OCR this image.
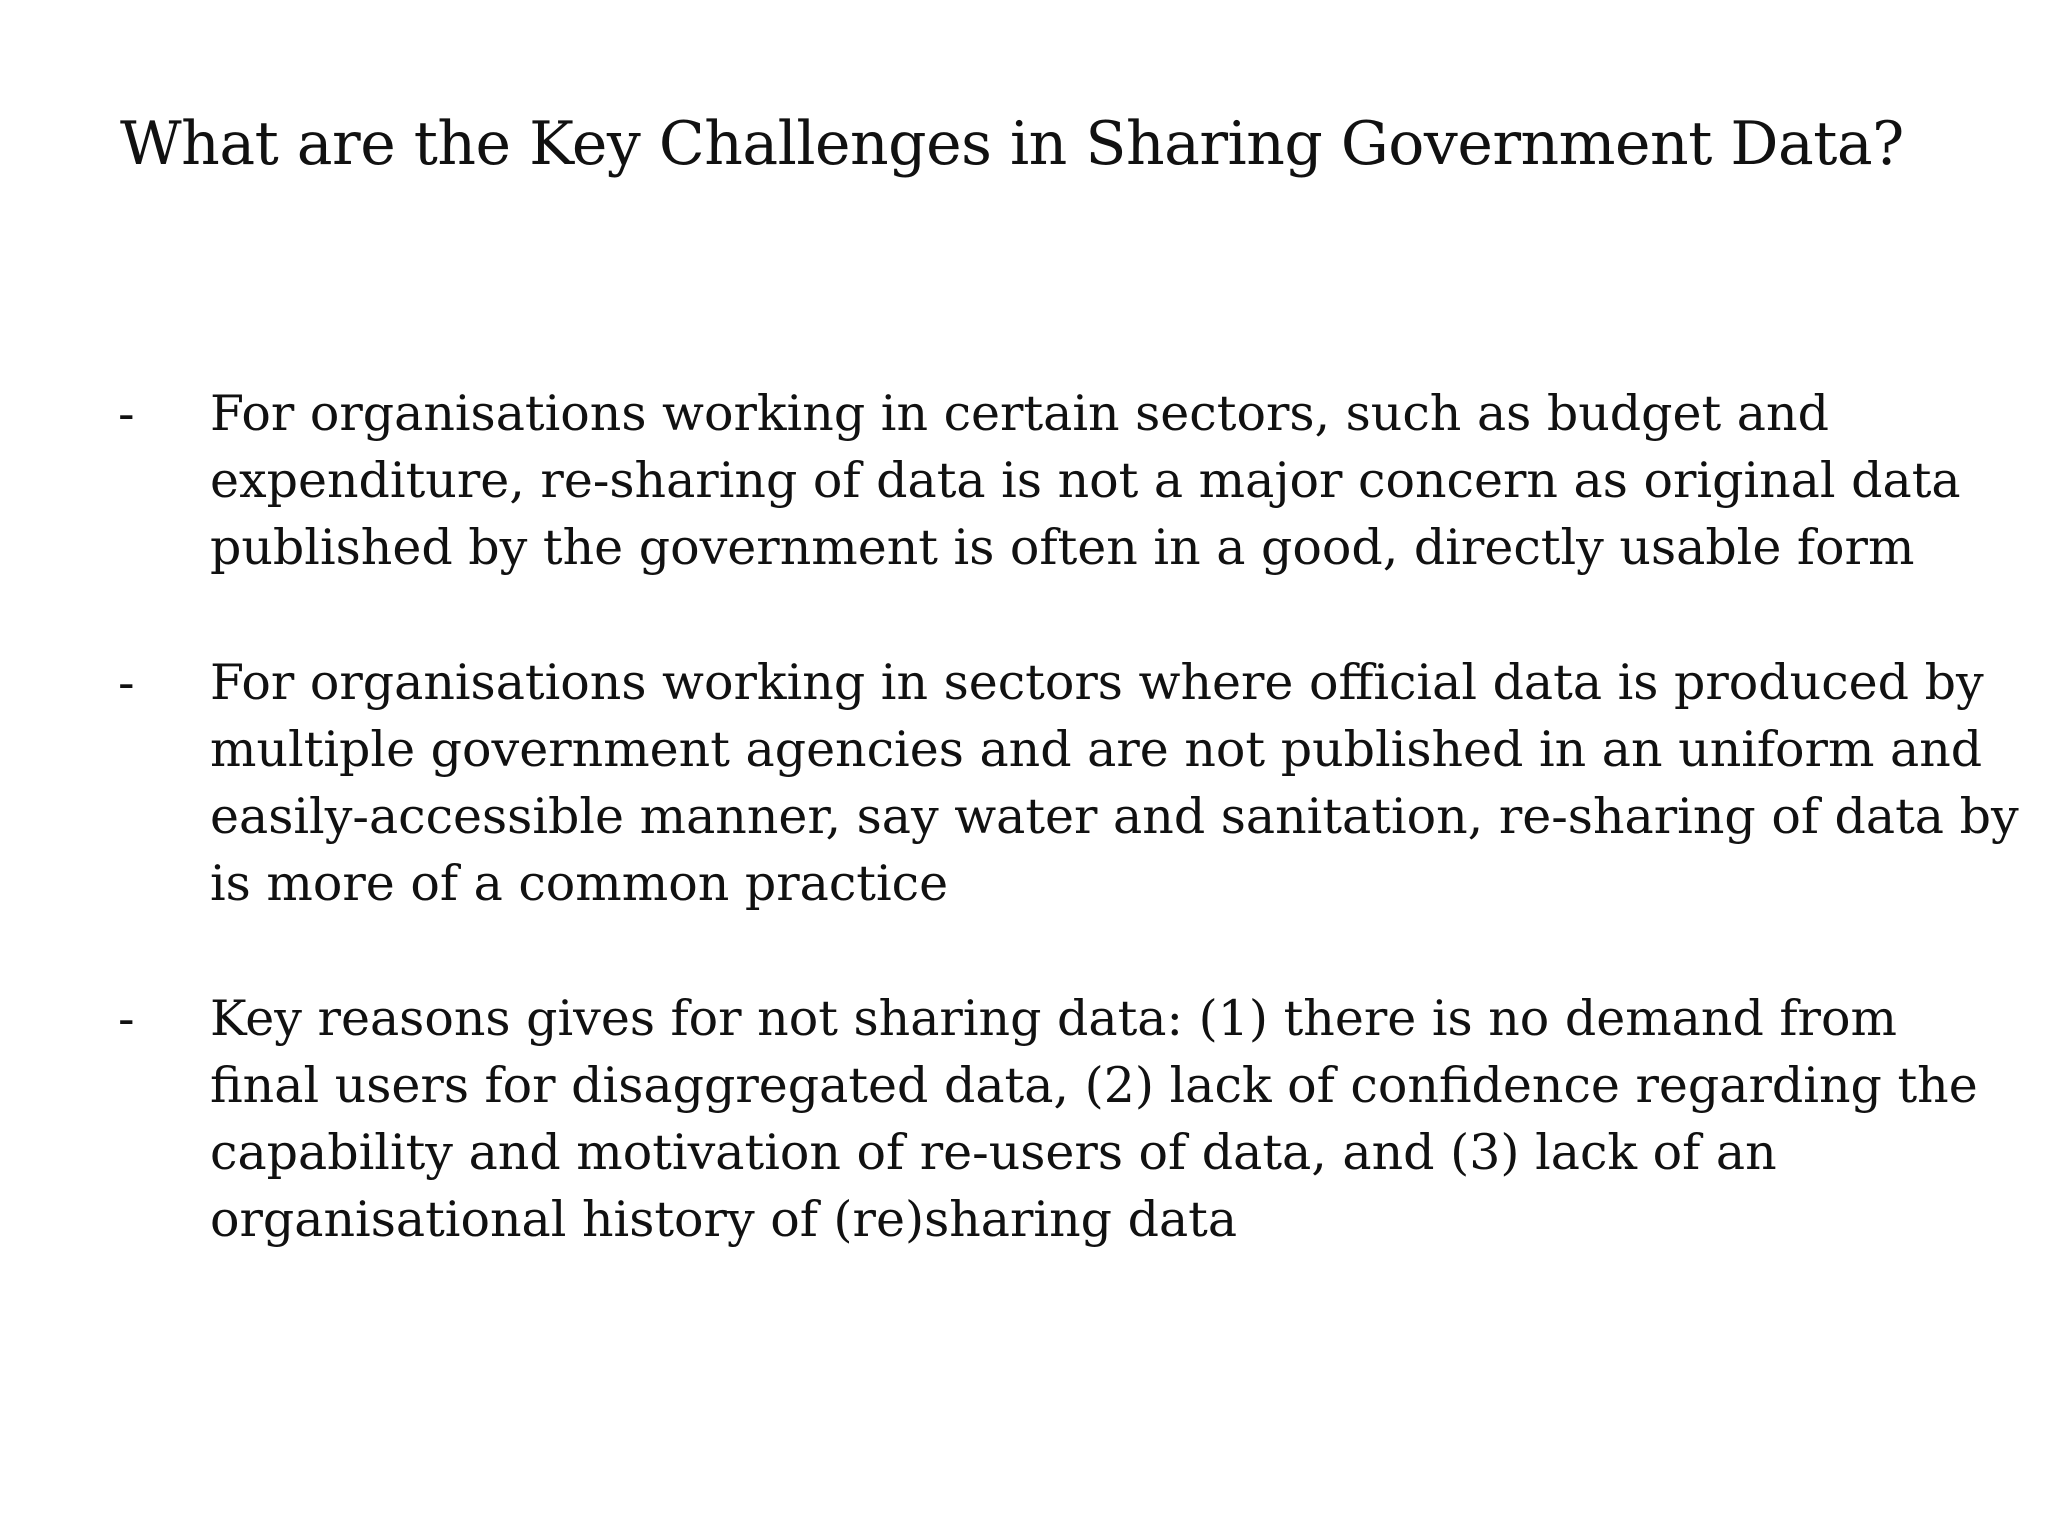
What are the Key Challenges in Sharing Government Data?
-	For organisations working in certain sectors, such as budget and
expenditure, re-sharing of data is not a major concern as original data
published by the government is often in a good, directly usable form
-	For organisations working in sectors where official data is produced by
multiple government agencies and are not published in an uniform and
easily-accessible manner, say water and sanitation, re-sharing of data by
is more of a common practice
-	Key reasons gives for not sharing data: (1) there is no demand from
final users for disaggregated data, (2) lack of confidence regarding the
capability and motivation of re-users of data, and (3) lack of an
organisational history of (re)sharing data
